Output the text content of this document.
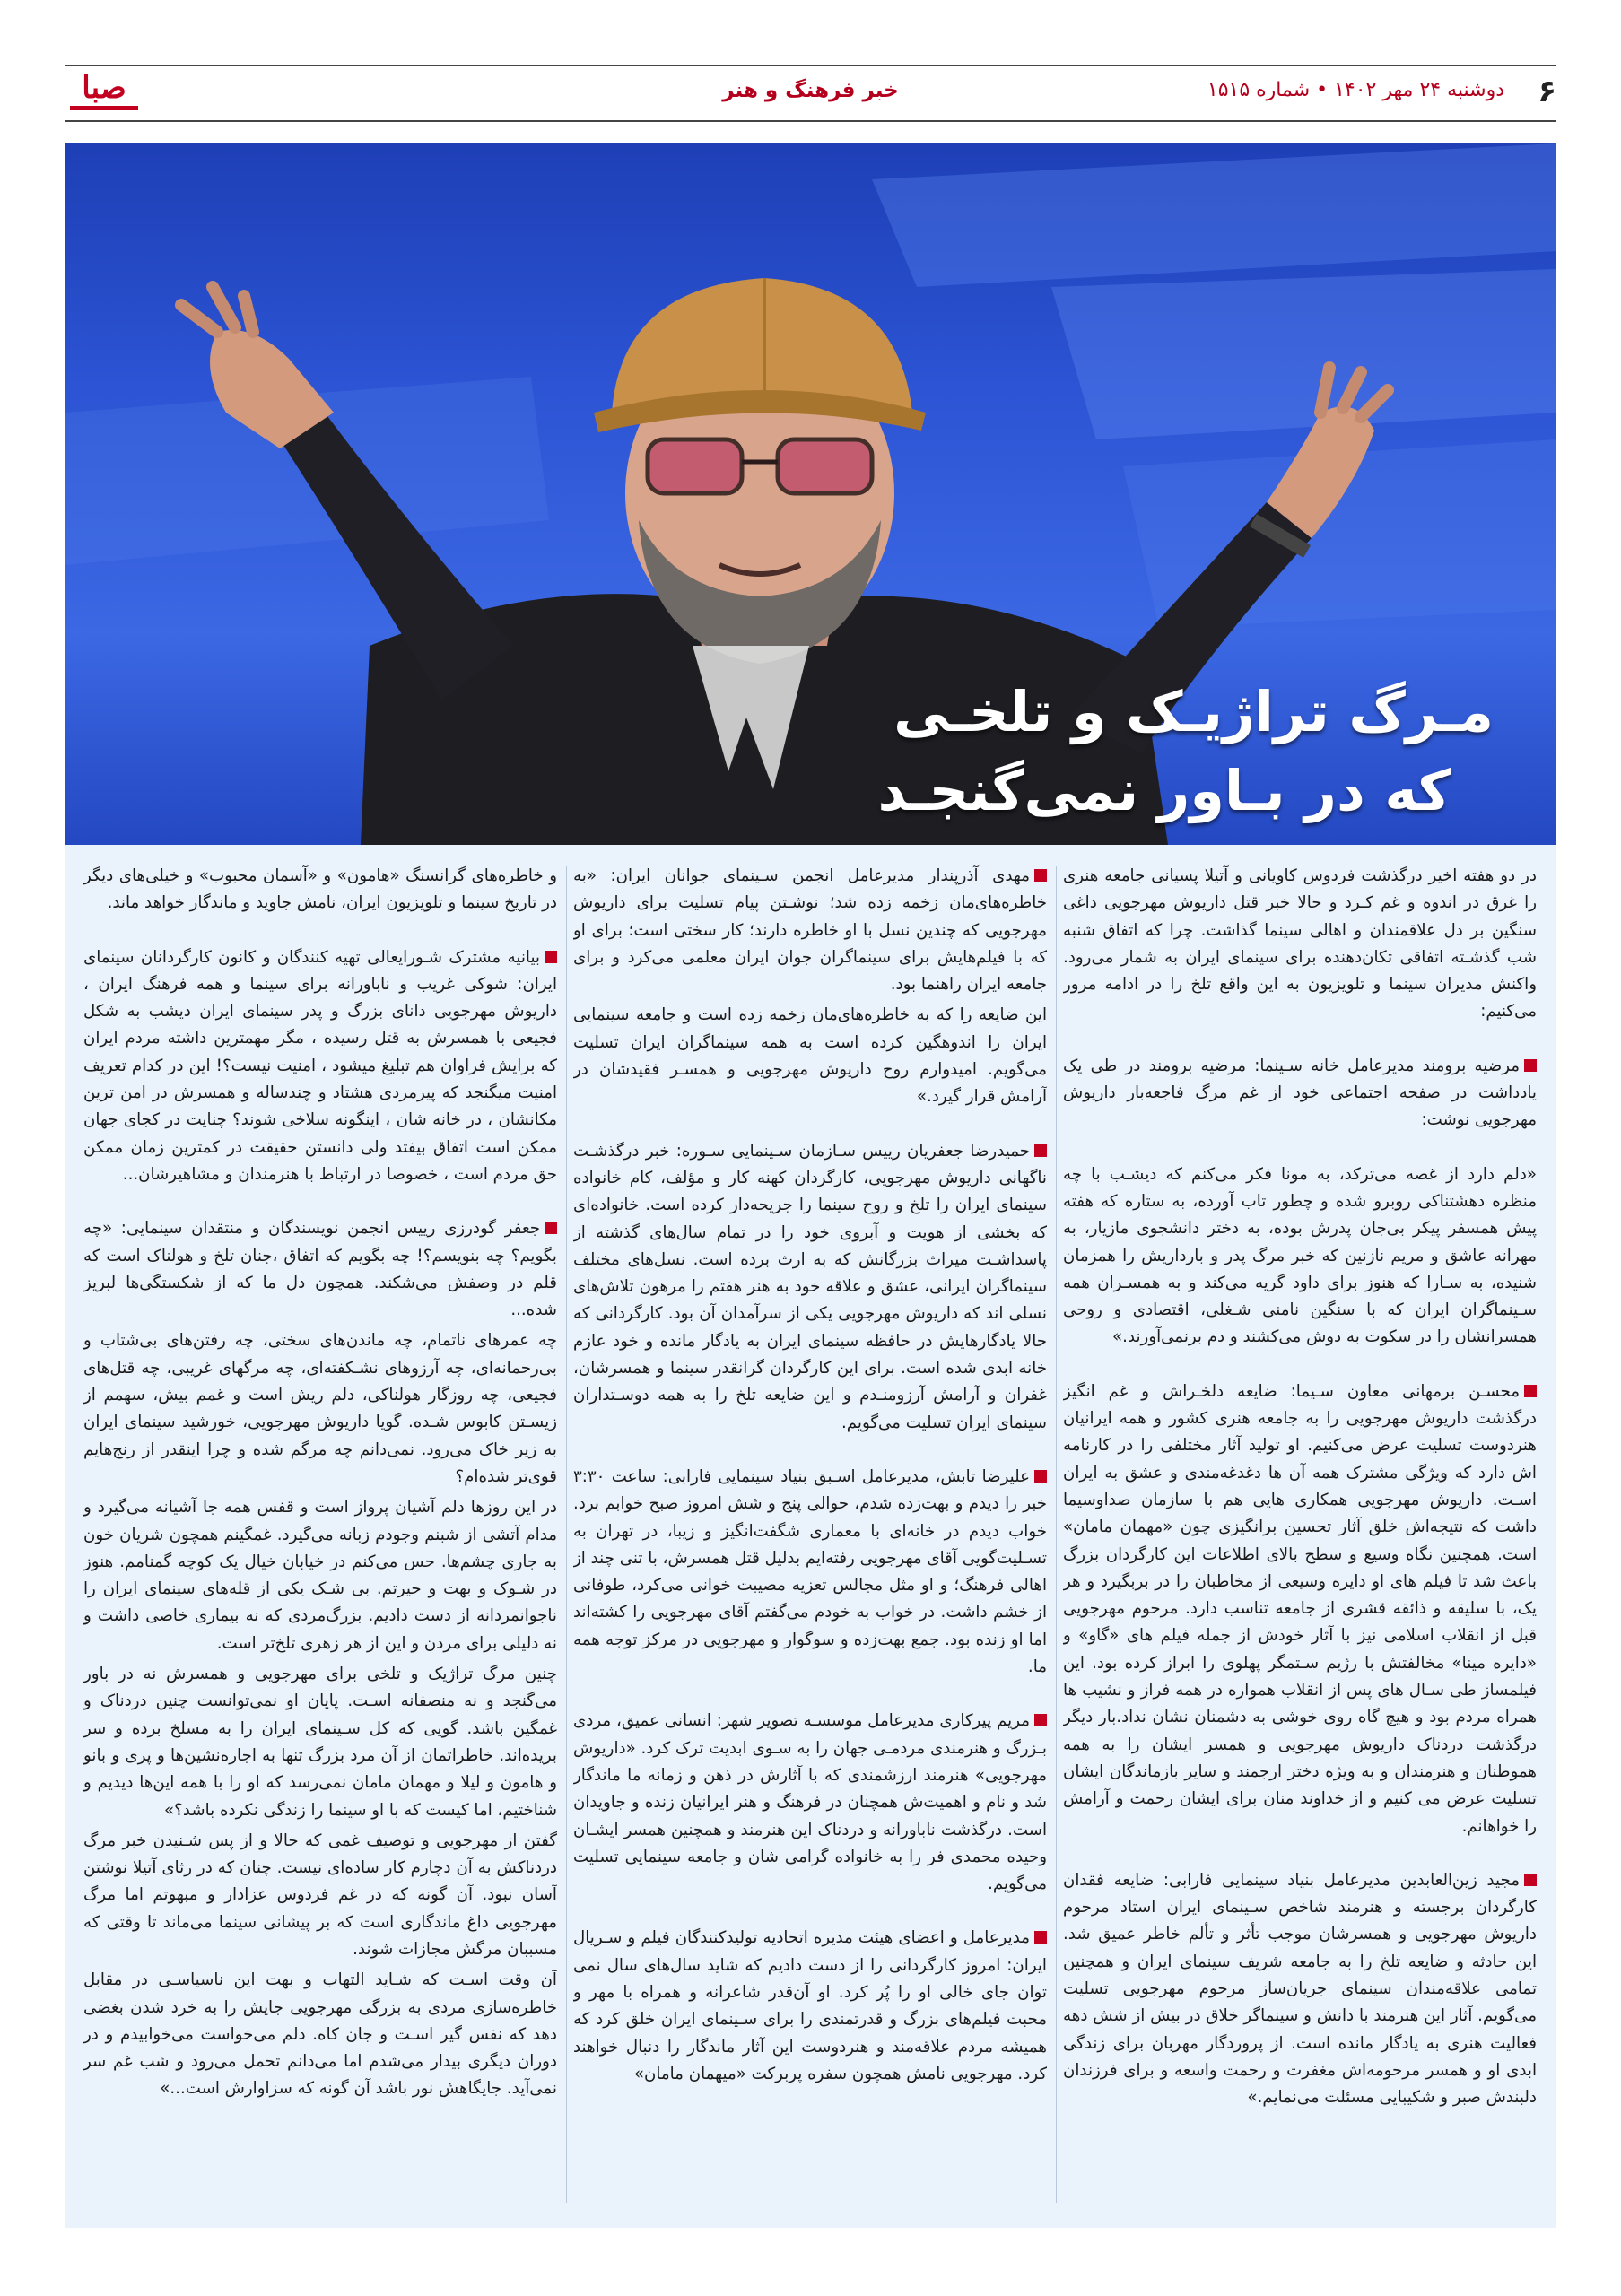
۶
دوشنبه ۲۴ مهر ۱۴۰۲ • شماره ۱۵۱۵
خبر فرهنگ و هنر
صبا
مـرگ تراژیـک و تلخـی
که در بـاور نمی‌گنجـد

در دو هفته اخیر درگذشت فردوس کاویانی و آتیلا پسیانی جامعه هنری را غرق در اندوه و غم کـرد و حالا خبر قتل داریوش مهرجویی داغی سنگین بر دل علاقمندان و اهالی سینما گذاشت. چرا که اتفاق شنبه شب گذشـته اتفاقی تکان‌دهنده برای سینمای ایران به شمار می‌رود. واکنش مدیران سینما و تلویزیون به این واقع تلخ را در ادامه مرور می‌کنیم:

مرضیه برومند مدیرعامل خانه سـینما: مرضیه برومند در طی یک یادداشت در صفحه اجتماعی خود از غم مرگ فاجعه‌بار داریوش مهرجویی نوشت:

«دلم دارد از غصه می‌ترکد، به مونا فکر می‌کنم که دیشـب با چه منظره دهشتناکی روبرو شده و چطور تاب آورده، به ستاره که هفته پیش همسفر پیکر بی‌جان پدرش بوده، به دختر دانشجوی مازیار، به مهرانه عاشق و مریم نازنین که خبر مرگ پدر و بارداریش را همزمان شنیده، به سـارا که هنوز برای داود گریه می‌کند و به همسـران همه سـینماگران ایران که با سنگین نامنی شـغلی، اقتصادی و روحی همسرانشان را در سکوت به دوش می‌کشند و دم برنمی‌آورند.»

محسـن برمهانی معاون سـیما: ضایعه دلخـراش و غم انگیز درگذشت داریوش مهرجویی را به جامعه هنری کشور و همه ایرانیان هنردوست تسلیت عرض می‌کنیم. او تولید آثار مختلفی را در کارنامه اش دارد که ویژگی مشترک همه آن ها دغدغه‌مندی و عشق به ایران اسـت. داریوش مهرجویی همکاری هایی هم با سازمان صداوسیما داشت که نتیجه‌اش خلق آثار تحسین برانگیزی چون «مهمان مامان» است. همچنین نگاه وسیع و سطح بالای اطلاعات این کارگردان بزرگ باعث شد تا فیلم های او دایره وسیعی از مخاطبان را در بربگیرد و هر یک، با سلیقه و ذائقه قشری از جامعه تناسب دارد. مرحوم مهرجویی قبل از انقلاب اسلامی نیز با آثار خودش از جمله فیلم های «گاو» و «دایره مینا» مخالفتش با رژیم سـتمگر پهلوی را ابراز کرده بود. این فیلمساز طی سـال های پس از انقلاب همواره در همه فراز و نشیب ها همراه مردم بود و هیچ گاه روی خوشی به دشمنان نشان نداد.بار دیگر درگذشت دردناک داریوش مهرجویی و همسر ایشان را به همه هموطنان و هنرمندان و به ویژه دختر ارجمند و سایر بازماندگان ایشان تسلیت عرض می کنیم و از خداوند منان برای ایشان رحمت و آرامش را خواهانم.

مجید زین‌العابدین مدیرعامل بنیاد سینمایی فارابی: ضایعه فقدان کارگردان برجسته و هنرمند شاخص سـینمای ایران استاد مرحوم داریوش مهرجویی و همسرشان موجب تأثر و تألم خاطر عمیق شد. این حادثه و ضایعه تلخ را به جامعه شریف سینمای ایران و همچنین تمامی علاقه‌مندان سینمای جریان‌ساز مرحوم مهرجویی تسلیت می‌گویم. آثار این هنرمند با دانش و سینماگر خلاق در بیش از شش دهه فعالیت هنری به یادگار مانده است. از پروردگار مهربان برای زندگی ابدی او و همسر مرحومه‌اش مغفرت و رحمت واسعه و برای فرزندان دلبندش صبر و شکیبایی مسئلت می‌نمایم.»

مهدی آذرپندار مدیرعامل انجمن سـینمای جوانان ایران: «به خاطره‌های‌مان زخمه زده شد؛ نوشـتن پیام تسلیت برای داریوش مهرجویی که چندین نسل با او خاطره دارند؛ کار سختی است؛ برای او که با فیلم‌هایش برای سینماگران جوان ایران معلمی می‌کرد و برای جامعه ایران راهنما بود.

این ضایعه را که به خاطره‌های‌مان زخمه زده است و جامعه سینمایی ایران را اندوهگین کرده است به همه سینماگران ایران تسلیت می‌گویم. امیدوارم روح داریوش مهرجویی و همسـر فقیدشان در آرامش قرار گیرد.»

حمیدرضا جعفریان رییس سـازمان سـینمایی سـوره: خبر درگذشـت ناگهانی داریوش مهرجویی، کارگردان کهنه کار و مؤلف، کام خانواده سینمای ایران را تلخ و روح سینما را جریحه‌دار کرده است. خانواده‌ای که بخشی از هویت و آبروی خود را در تمام سال‌های گذشته از پاسداشـت میراث بزرگانش که به ارث برده است. نسل‌های مختلف سینماگران ایرانی، عشق و علاقه خود به هنر هفتم را مرهون تلاش‌های نسلی اند که داریوش مهرجویی یکی از سرآمدان آن بود. کارگردانی که حالا یادگارهایش در حافظه سینمای ایران به یادگار مانده و خود عازم خانه ابدی شده است. برای این کارگردان گرانقدر سینما و همسرشان، غفران و آرامش آرزومنـدم و این ضایعه تلخ را به همه دوسـتداران سینمای ایران تسلیت می‌گویم.

علیرضا تابش، مدیرعامل اسـبق بنیاد سینمایی فارابی: ساعت ۳:۳۰ خبر را دیدم و بهت‌زده شدم، حوالی پنج و شش امروز صبح خوابم برد. خواب دیدم در خانه‌ای با معماری شگفت‌انگیز و زیبا، در تهران به تسـلیت‌گویی آقای مهرجویی رفته‌ایم بدلیل قتل همسرش، با تنی چند از اهالی فرهنگ؛ و او مثل مجالس تعزیه مصیبت خوانی می‌کرد، طوفانی از خشم داشت. در خواب به خودم می‌گفتم آقای مهرجویی را کشته‌اند اما او زنده بود. جمع بهت‌زده و سوگوار و مهرجویی در مرکز توجه همه ما.

مریم پیرکاری مدیرعامل موسسـه تصویر شهر: انسانی عمیق، مردی بـزرگ و هنرمندی مردمـی جهان را به سـوی ابدیت ترک کرد. «داریوش مهرجویی» هنرمند ارزشمندی که با آثارش در ذهن و زمانه ما ماندگار شد و نام و اهمیت‌ش همچنان در فرهنگ و هنر ایرانیان زنده و جاویدان است. درگذشت ناباورانه و دردناک این هنرمند و همچنین همسر ایشـان وحیده محمدی فر را به خانواده گرامی شان و جامعه سینمایی تسلیت می‌گویم.

مدیرعامل و اعضای هیئت مدیره اتحادیه تولیدکنندگان فیلم و سـریال ایران: امروز کارگردانی را از دست دادیم که شاید سال‌های سال نمی توان جای خالی او را پُر کرد. او آن‌قدر شاعرانه و همراه با مهر و محبت فیلم‌های بزرگ و قدرتمندی را برای سـینمای ایران خلق کرد که همیشه مردم علاقه‌مند و هنردوست این آثار ماندگار را دنبال خواهند کرد. مهرجویی نامش همچون سفره پربرکت «میهمان مامان»

و خاطره‌های گرانسنگ «هامون» و «آسمان محبوب» و خیلی‌های دیگر در تاریخ سینما و تلویزیون ایران، نامش جاوید و ماندگار خواهد ماند.

بیانیه مشترک شـورایعالی تهیه کنندگان و کانون کارگردانان سینمای ایران: شوکی غریب و ناباورانه برای سینما و همه فرهنگ ایران ، داریوش مهرجویی دانای بزرگ و پدر سینمای ایران دیشب به شکل فجیعی با همسرش به قتل رسیده ، مگر مهمترین داشته مردم ایران که برایش فراوان هم تبلیغ میشود ، امنیت نیست؟! این در کدام تعریف امنیت میگنجد که پیرمردی هشتاد و چندساله و همسرش در امن ترین مکانشان ، در خانه شان ، اینگونه سلاخی شوند؟ چنایت در کجای جهان ممکن است اتفاق بیفتد ولی دانستن حقیقت در کمترین زمان ممکن حق مردم است ، خصوصا در ارتباط با هنرمندان و مشاهیرشان...

جعفر گودرزی رییس انجمن نویسندگان و منتقدان سینمایی: «چه بگویم؟ چه بنویسم؟! چه بگویم که اتفاق ،جنان تلخ و هولناک است که قلم در وصفش می‌شکند. همچون دل ما که از شکستگی‌ها لبریز شده...

چه عمرهای ناتمام، چه ماندن‌های سختی، چه رفتن‌های بی‌شتاب و بی‌رحمانه‌ای، چه آرزوهای نشـکفته‌ای، چه مرگهای غریبی، چه قتل‌های فجیعی، چه روزگار هولناکی، دلم ریش است و غمم بیش، سهمم از زیسـتن کابوس شـده. گویا داریوش مهرجویی، خورشید سینمای ایران به زیر خاک می‌رود. نمی‌دانم چه مرگم شده و چرا اینقدر از رنج‌هایم قوی‌تر شده‌ام؟

در این روزها دلم آشیان پرواز است و قفس همه جا آشیانه می‌گیرد و مدام آتشی از شبنم وجودم زبانه می‌گیرد. غمگینم همچون شریان خون به جاری چشم‌ها. حس می‌کنم در خیابان خیال یک کوچه گمنامم. هنوز در شـوک و بهت و حیرتم. بی شـک یکی از قله‌های سینمای ایران را ناجوانمردانه از دست دادیم. بزرگ‌مردی که نه بیماری خاصی داشت و نه دلیلی برای مردن و این از هر زهری تلخ‌تر است.

چنین مرگ تراژیک و تلخی برای مهرجویی و همسرش نه در باور می‌گنجد و نه منصفانه اسـت. پایان او نمی‌توانست چنین دردناک و غمگین باشد. گویی که کل سـینمای ایران را به مسلخ برده و سر بریده‌اند. خاطراتمان از آن مرد بزرگ تنها به اجاره‌نشین‌ها و پری و بانو و هامون و لیلا و مهمان مامان نمی‌رسد که او را با همه این‌ها دیدیم و شناختیم، اما کیست که با او سینما را زندگی نکرده باشد؟»

گفتن از مهرجویی و توصیف غمی که حالا و از پس شـنیدن خبر مرگ دردناکش به آن دچارم کار ساده‌ای نیست. چنان که در رثای آتیلا نوشتن آسان نبود. آن گونه که در غم فردوس عزادار و مبهوتم اما مرگ مهرجویی داغ ماندگاری است که بر پیشانی سینما می‌ماند تا وقتی که مسببان مرگش مجازات شوند.

آن وقت اسـت که شـاید التهاب و بهت این ناسیاسـی در مقابل خاطره‌سازی مردی به بزرگی مهرجویی جایش را به خرد شدن بغضی دهد که نفس گیر اسـت و جان کاه. دلم می‌خواست می‌خوابیدم و در دوران دیگری بیدار می‌شدم اما می‌دانم تحمل می‌رود و شب غم سر نمی‌آید. جایگاهش نور باشد آن گونه که سزاوارش است...»
